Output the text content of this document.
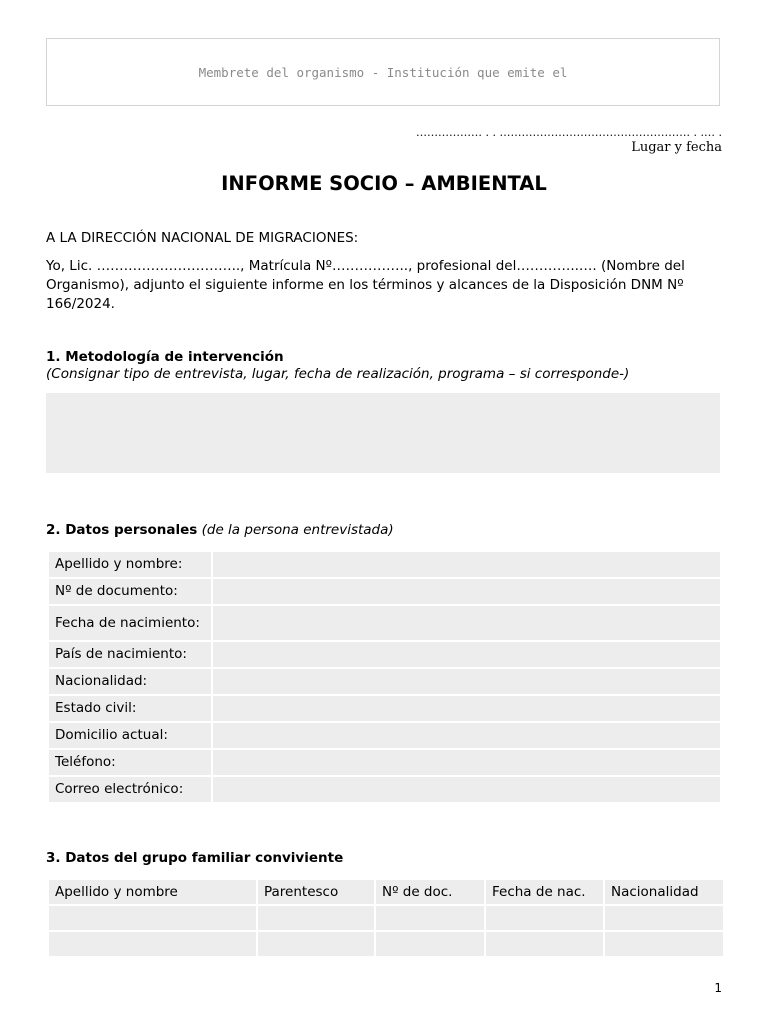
Membrete del organismo - Institución que emite el
……………… . . ……………………………………………. . .… .
Lugar y fecha
INFORME SOCIO – AMBIENTAL
A LA DIRECCIÓN NACIONAL DE MIGRACIONES:
Yo, Lic. ………………………….., Matrícula Nº…………….., profesional del…………..…. (Nombre del Organismo), adjunto el siguiente informe en los términos y alcances de la Disposición DNM Nº 166/2024.
1. Metodología de intervención
(Consignar tipo de entrevista, lugar, fecha de realización, programa – si corresponde-)
2. Datos personales (de la persona entrevistada)
Apellido y nombre:
Nº de documento:
Fecha de nacimiento:
País de nacimiento:
Nacionalidad:
Estado civil:
Domicilio actual:
Teléfono:
Correo electrónico:
3. Datos del grupo familiar conviviente
Apellido y nombre	Parentesco	Nº de doc.	Fecha de nac.	Nacionalidad
1
